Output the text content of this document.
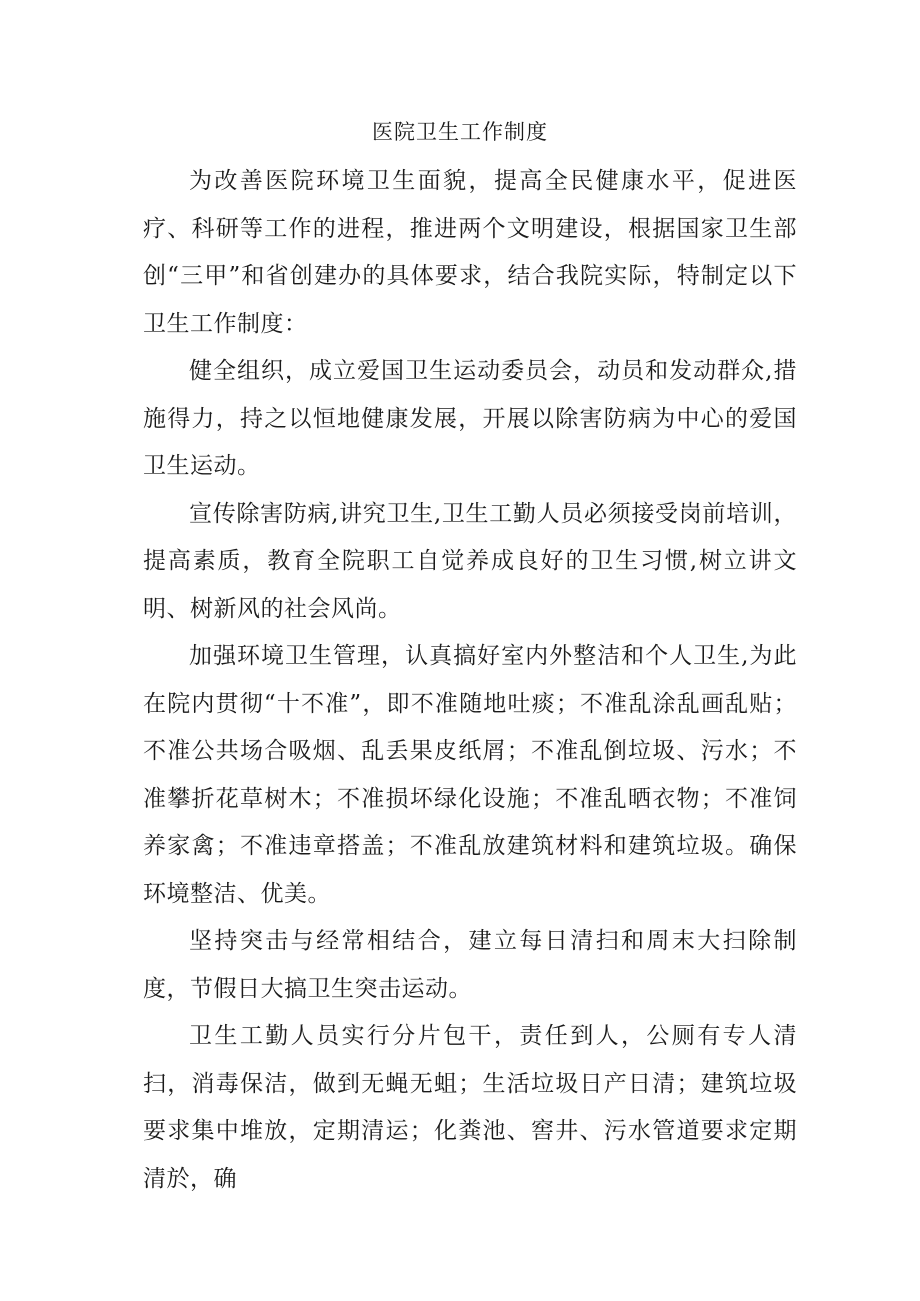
医院卫生工作制度

为改善医院环境卫生面貌，提高全民健康水平，促进医疗、科研等工作的进程，推进两个文明建设，根据国家卫生部创“三甲”和省创建办的具体要求，结合我院实际，特制定以下卫生工作制度：

健全组织，成立爱国卫生运动委员会，动员和发动群众,措施得力，持之以恒地健康发展，开展以除害防病为中心的爱国卫生运动。

宣传除害防病,讲究卫生,卫生工勤人员必须接受岗前培训，提高素质，教育全院职工自觉养成良好的卫生习惯,树立讲文明、树新风的社会风尚。

加强环境卫生管理，认真搞好室内外整洁和个人卫生,为此在院内贯彻“十不准”，即不准随地吐痰；不准乱涂乱画乱贴；不准公共场合吸烟、乱丢果皮纸屑；不准乱倒垃圾、污水；不准攀折花草树木；不准损坏绿化设施；不准乱晒衣物；不准饲养家禽；不准违章搭盖；不准乱放建筑材料和建筑垃圾。确保环境整洁、优美。

坚持突击与经常相结合，建立每日清扫和周末大扫除制度，节假日大搞卫生突击运动。

卫生工勤人员实行分片包干，责任到人，公厕有专人清扫，消毒保洁，做到无蝇无蛆；生活垃圾日产日清；建筑垃圾要求集中堆放，定期清运；化粪池、窖井、污水管道要求定期清於，确
